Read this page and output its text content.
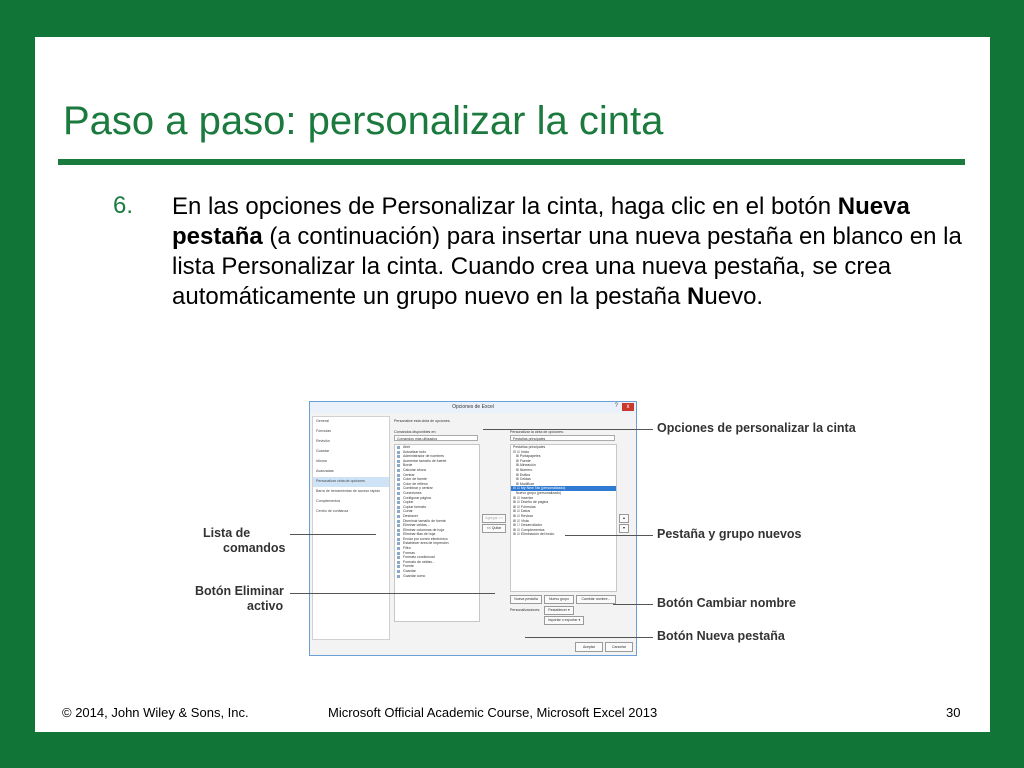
Paso a paso: personalizar la cinta
6. En las opciones de Personalizar la cinta, haga clic en el botón Nueva pestaña (a continuación) para insertar una nueva pestaña en blanco en la lista Personalizar la cinta. Cuando crea una nueva pestaña, se crea automáticamente un grupo nuevo en la pestaña Nuevo.
Opciones de Excel	?	x
General
Fórmulas
Revisión
Guardar
Idioma
Avanzadas
Personalizar cinta de opciones
Barra de herramientas de acceso rápido
Complementos
Centro de confianza
Personalice esta cinta de opciones.
Comandos disponibles en:
Comandos más utilizados
Personalizar la cinta de opciones:
Pestañas principales
Abrir
Actualizar todo
Administrador de nombres
Aumentar tamaño de fuente
Borde
Calcular ahora
Centrar
Color de fuente
Color de relleno
Combinar y centrar
Conexiones
Configurar página
Copiar
Copiar formato
Cortar
Deshacer
Disminuir tamaño de fuente
Eliminar celdas...
Eliminar columnas de hoja
Eliminar filas de hoja
Enviar por correo electrónico
Establecer área de impresión
Filtro
Formas
Formato condicional
Formato de celdas...
Fuente
Guardar
Guardar como
Agregar >>
<< Quitar
Pestañas principales
⊟ ☑ Inicio
⊞ Portapapeles
⊞ Fuente
⊞ Alineación
⊞ Número
⊞ Estilos
⊞ Celdas
⊞ Modificar
⊟ ☑ My New Tab (personalizado)
Nuevo grupo (personalizado)
⊞ ☑ Insertar
⊞ ☑ Diseño de página
⊞ ☑ Fórmulas
⊞ ☑ Datos
⊞ ☑ Revisar
⊞ ☑ Vista
⊞ ☐ Desarrollador
⊞ ☑ Complementos
⊞ ☑ Eliminación del fondo
▲
▼
Nueva pestaña	Nuevo grupo	Cambiar nombre...
Personalizaciones:	Restablecer ▾
Importar o exportar ▾
Aceptar	Cancelar
Opciones de personalizar la cinta
Lista de
comandos
Pestaña y grupo nuevos
Botón Eliminar
activo	Botón Cambiar nombre
Botón Nueva pestaña
© 2014, John Wiley & Sons, Inc.	Microsoft Official Academic Course, Microsoft Excel 2013	30
